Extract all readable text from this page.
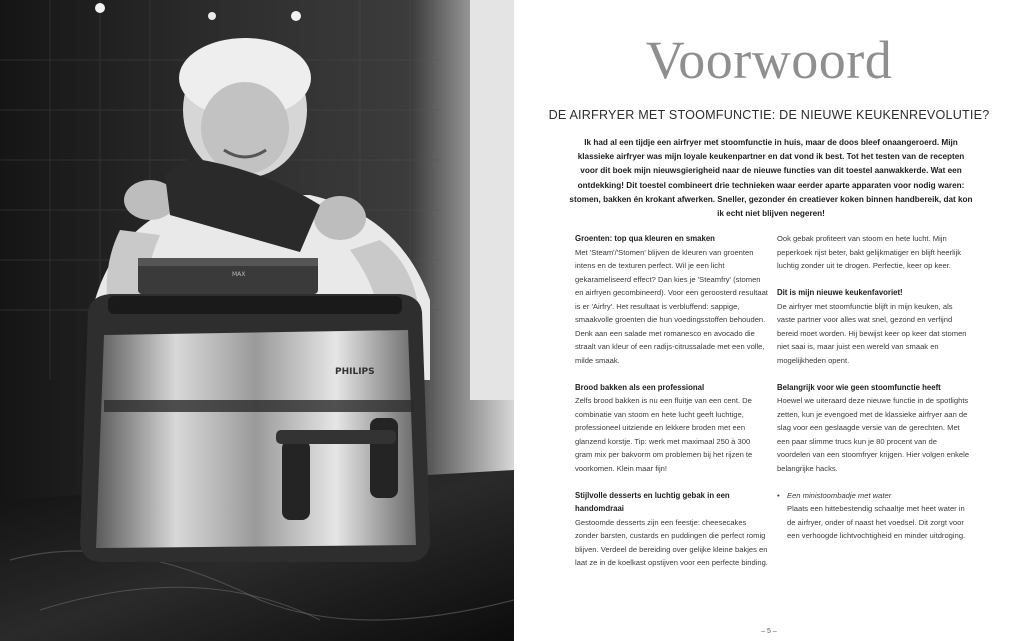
MAX
PHILIPS
Voorwoord
DE AIRFRYER MET STOOMFUNCTIE: DE NIEUWE KEUKENREVOLUTIE?
Ik had al een tijdje een airfryer met stoomfunctie in huis, maar de doos bleef onaangeroerd. Mijn klassieke airfryer was mijn loyale keukenpartner en dat vond ik best. Tot het testen van de recepten voor dit boek mijn nieuwsgierigheid naar de nieuwe functies van dit toestel aanwakkerde. Wat een ontdekking! Dit toestel combineert drie technieken waar eerder aparte apparaten voor nodig waren: stomen, bakken én krokant afwerken. Sneller, gezonder én creatiever koken binnen handbereik, dat kon ik echt niet blijven negeren!
Groenten: top qua kleuren en smaken

Met 'Steam'/'Stomen' blijven de kleuren van groenten intens en de texturen perfect. Wil je een licht gekarameliseerd effect? Dan kies je 'Steamfry' (stomen en airfryen gecombineerd). Voor een geroosterd resultaat is er 'Airfry'. Het resultaat is verbluffend: sappige, smaakvolle groenten die hun voedingsstoffen behouden. Denk aan een salade met romanesco en avocado die straalt van kleur of een radijs-citrussalade met een volle, milde smaak.

Brood bakken als een professional

Zelfs brood bakken is nu een fluitje van een cent. De combinatie van stoom en hete lucht geeft luchtige, professioneel uitziende en lekkere broden met een glanzend korstje. Tip: werk met maximaal 250 à 300 gram mix per bakvorm om problemen bij het rijzen te voorkomen. Klein maar fijn!

Stijlvolle desserts en luchtig gebak in een handomdraai

Gestoomde desserts zijn een feestje: cheesecakes zonder barsten, custards en puddingen die perfect romig blijven. Verdeel de bereiding over gelijke kleine bakjes en laat ze in de koelkast opstijven voor een perfecte binding.

Ook gebak profiteert van stoom en hete lucht. Mijn peperkoek rijst beter, bakt gelijkmatiger en blijft heerlijk luchtig zonder uit te drogen. Perfectie, keer op keer.

Dit is mijn nieuwe keukenfavoriet!

De airfryer met stoomfunctie blijft in mijn keuken, als vaste partner voor alles wat snel, gezond en verfijnd bereid moet worden. Hij bewijst keer op keer dat stomen niet saai is, maar juist een wereld van smaak en mogelijkheden opent.

Belangrijk voor wie geen stoomfunctie heeft

Hoewel we uiteraard deze nieuwe functie in de spotlights zetten, kun je evengoed met de klassieke airfryer aan de slag voor een geslaagde versie van de gerechten. Met een paar slimme trucs kun je 80 procent van de voordelen van een stoomfryer krijgen. Hier volgen enkele belangrijke hacks.

• Een ministoombadje met water
Plaats een hittebestendig schaaltje met heet water in de airfryer, onder of naast het voedsel. Dit zorgt voor een verhoogde lichtvochtigheid en minder uitdroging.
– 5 –
